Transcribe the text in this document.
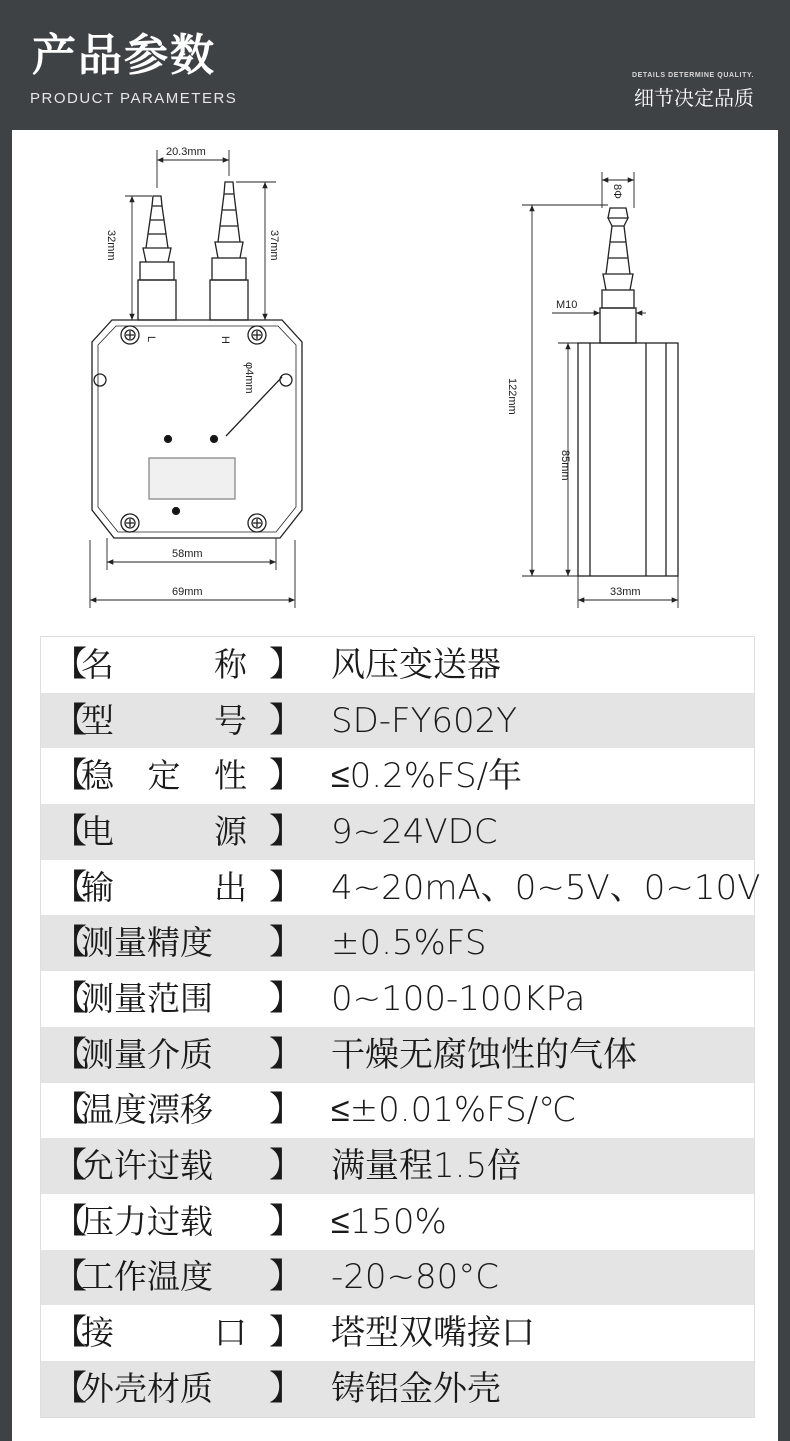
产品参数
PRODUCT PARAMETERS
DETAILS DETERMINE QUALITY.
细节决定品质
20.3mm
32mm	37mm
L	H
φ4mm
58mm
69mm
8Φ
M10
122mm
85mm
33mm
【
名	称 】 风压变送器
【
型	号 】 SD-FY602Y
【
稳 定 性 】 ≤0.2%FS/年
【
电	源 】 9~24VDC
【
输	出 】 4~20mA、0~5V、0~10V
【
测量精度	】 ±0.5%FS
【
测量范围	】 0~100-100KPa
【
测量介质	】 干燥无腐蚀性的气体
【
温度漂移	】 ≤±0.01%FS/℃
【
允许过载	】 满量程1.5倍
【
压力过载	】 ≤150%
【
工作温度	】 -20~80°C
【
接	口 】 塔型双嘴接口
【
外壳材质	】 铸铝金外壳
